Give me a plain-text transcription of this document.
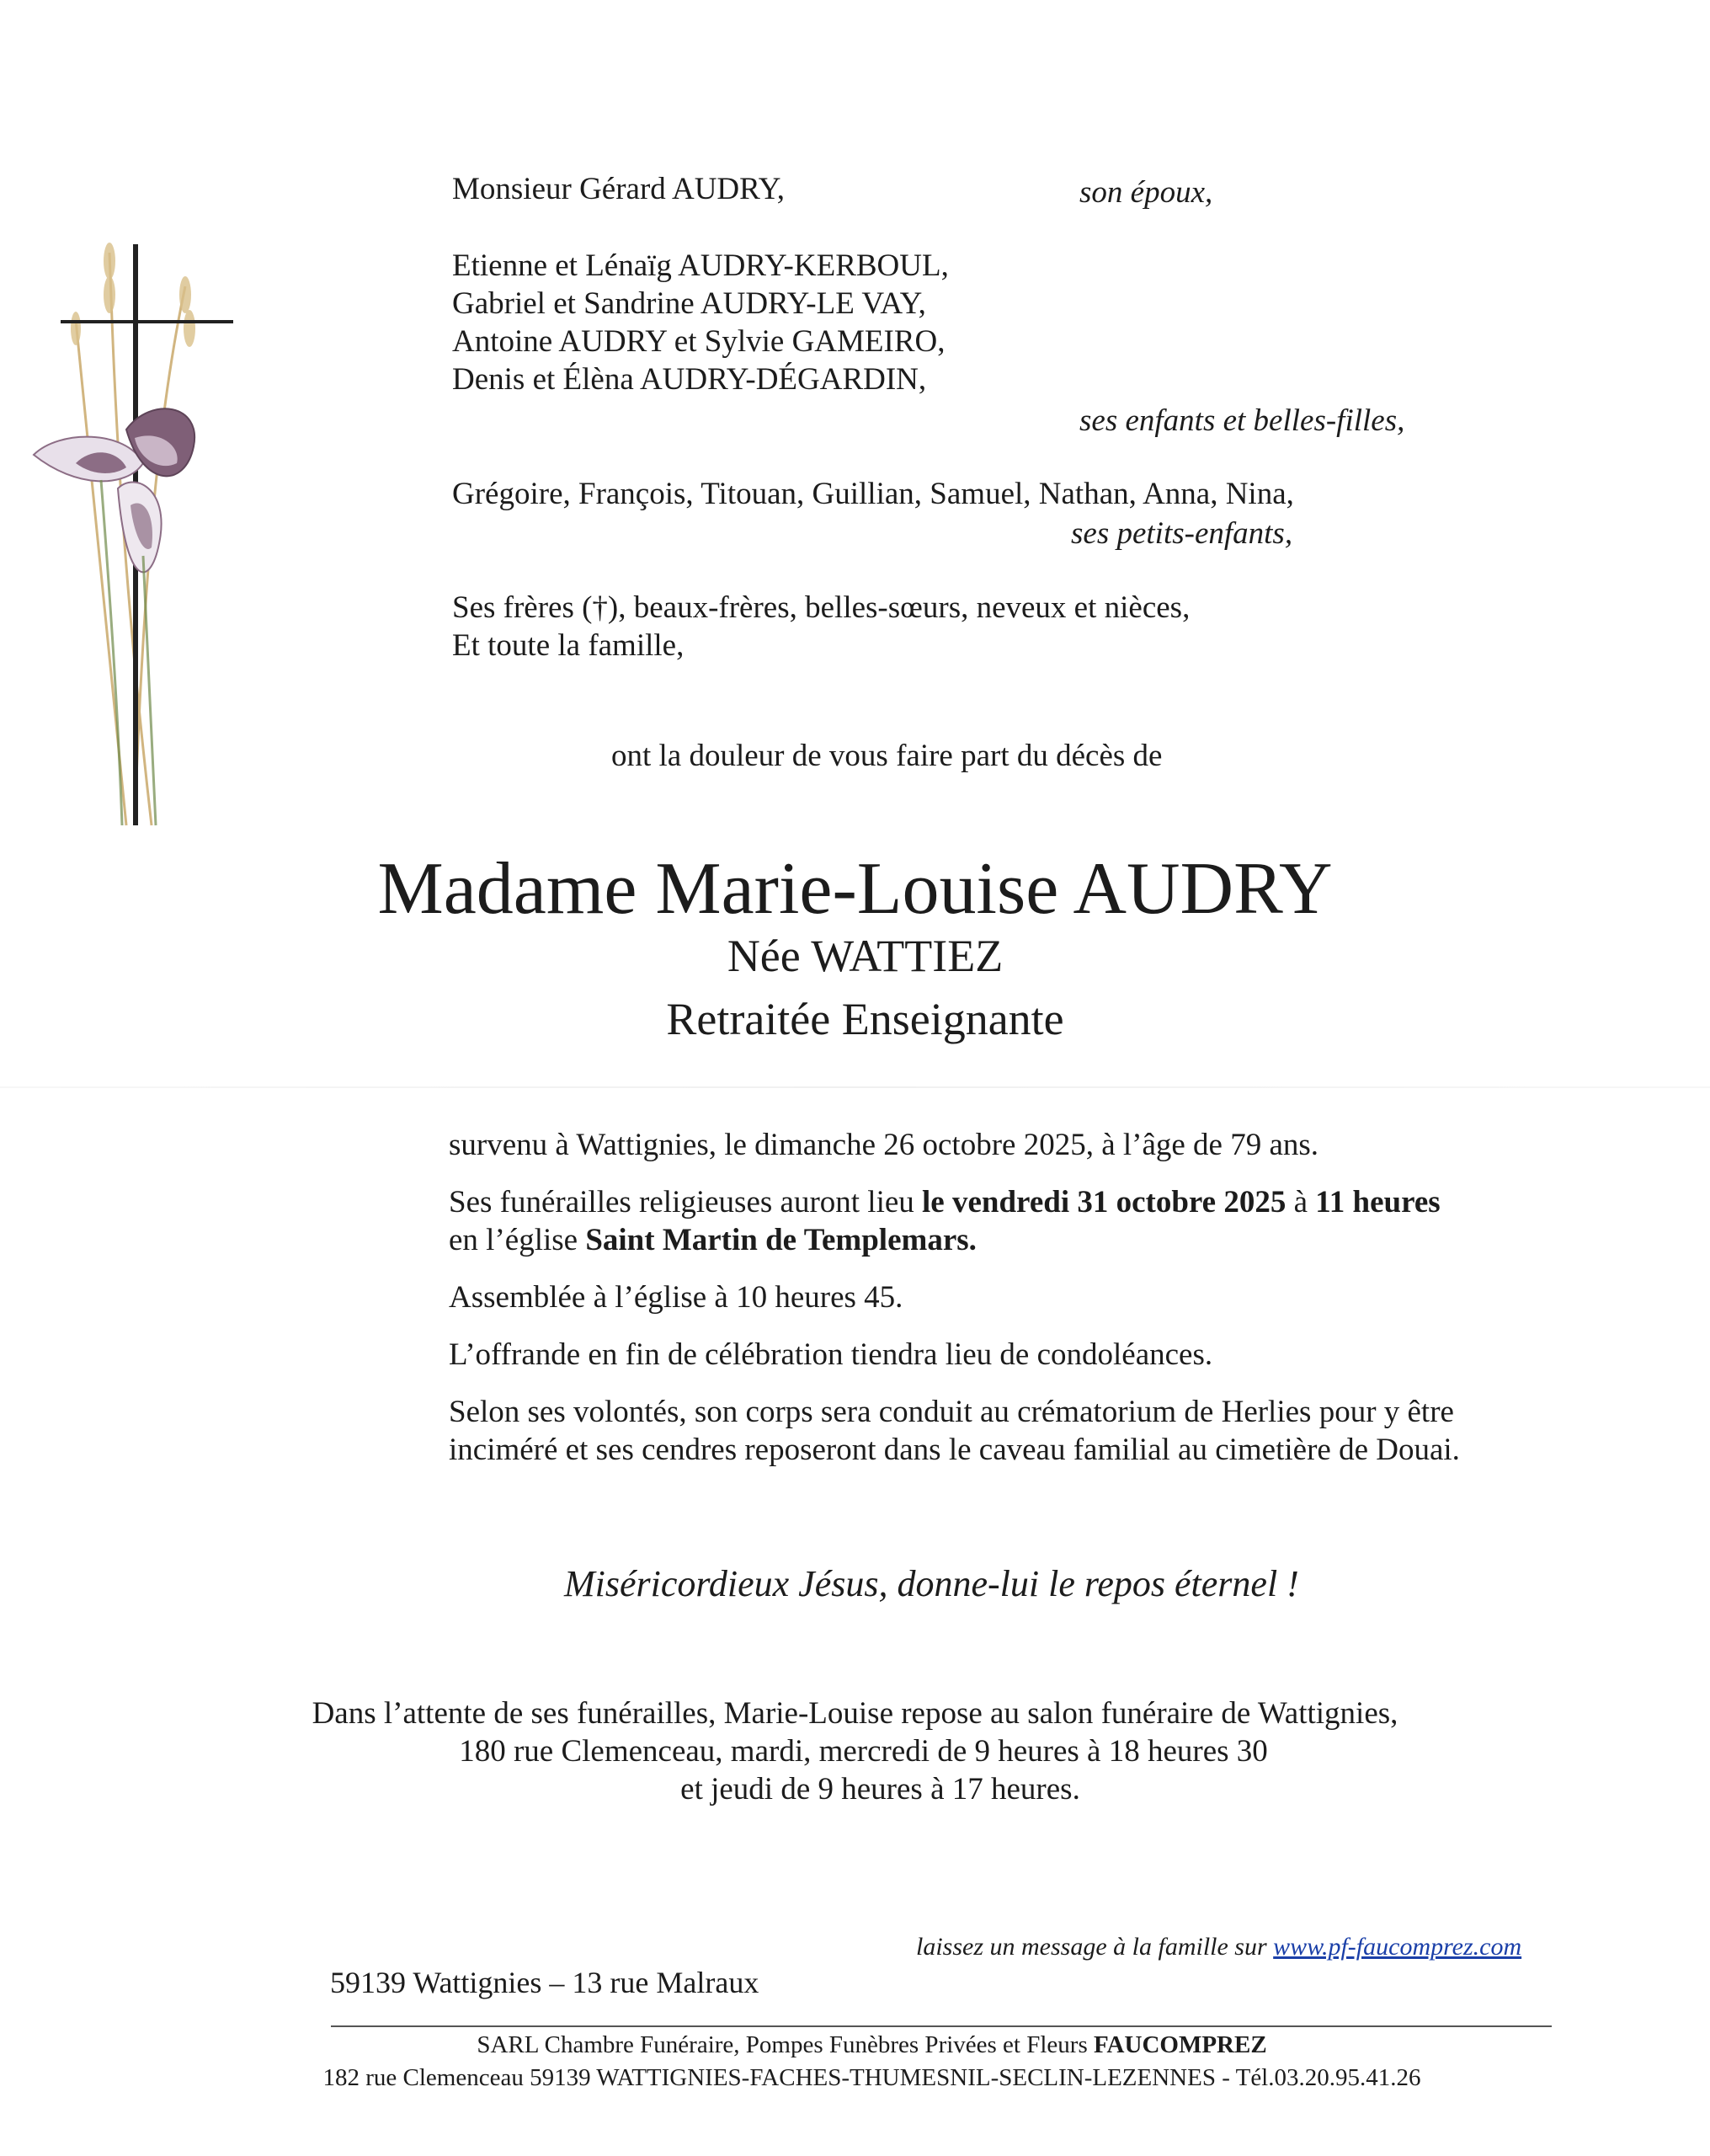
Monsieur Gérard AUDRY,	son époux,
Etienne et Lénaïg AUDRY-KERBOUL,
Gabriel et Sandrine AUDRY-LE VAY,
Antoine AUDRY et Sylvie GAMEIRO,
Denis et Élèna AUDRY-DÉGARDIN,
ses enfants et belles-filles,
Grégoire, François, Titouan, Guillian, Samuel, Nathan, Anna, Nina,
ses petits-enfants,
Ses frères (†), beaux-frères, belles-sœurs, neveux et nièces,
Et toute la famille,
ont la douleur de vous faire part du décès de
Madame Marie-Louise AUDRY
Née WATTIEZ
Retraitée Enseignante
survenu à Wattignies, le dimanche 26 octobre 2025, à l’âge de 79 ans.
Ses funérailles religieuses auront lieu le vendredi 31 octobre 2025 à 11 heures
en l’église Saint Martin de Templemars.
Assemblée à l’église à 10 heures 45.
L’offrande en fin de célébration tiendra lieu de condoléances.
Selon ses volontés, son corps sera conduit au crématorium de Herlies pour y être
inciméré et ses cendres reposeront dans le caveau familial au cimetière de Douai.
Miséricordieux Jésus, donne-lui le repos éternel !
Dans l’attente de ses funérailles, Marie-Louise repose au salon funéraire de Wattignies,
180 rue Clemenceau, mardi, mercredi de 9 heures à 18 heures 30
et jeudi de 9 heures à 17 heures.
laissez un message à la famille sur www.pf-faucomprez.com
59139 Wattignies – 13 rue Malraux
SARL Chambre Funéraire, Pompes Funèbres Privées et Fleurs FAUCOMPREZ
182 rue Clemenceau 59139 WATTIGNIES-FACHES-THUMESNIL-SECLIN-LEZENNES - Tél.03.20.95.41.26
